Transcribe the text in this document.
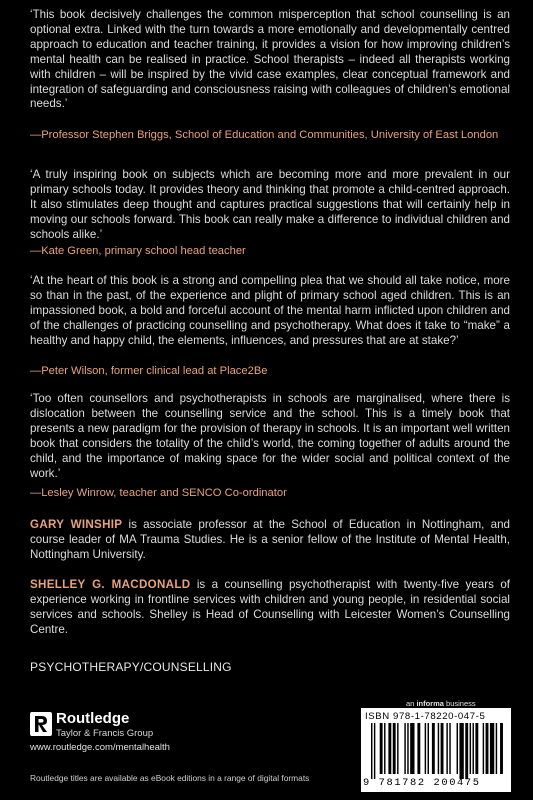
‘This book decisively challenges the common misperception that school counselling is an optional extra. Linked with the turn towards a more emotionally and developmentally centred approach to education and teacher training, it provides a vision for how improving children’s mental health can be realised in practice. School therapists – indeed all therapists working with children – will be inspired by the vivid case examples, clear conceptual framework and integration of safeguarding and consciousness raising with colleagues of children’s emotional needs.’

—Professor Stephen Briggs, School of Education and Communities, University of East London

‘A truly inspiring book on subjects which are becoming more and more prevalent in our primary schools today. It provides theory and thinking that promote a child-centred approach. It also stimulates deep thought and captures practical suggestions that will certainly help in moving our schools forward. This book can really make a difference to individual children and schools alike.’

—Kate Green, primary school head teacher

‘At the heart of this book is a strong and compelling plea that we should all take notice, more so than in the past, of the experience and plight of primary school aged children. This is an impassioned book, a bold and forceful account of the mental harm inflicted upon children and of the challenges of practicing counselling and psychotherapy. What does it take to “make” a healthy and happy child, the elements, influences, and pressures that are at stake?’

—Peter Wilson, former clinical lead at Place2Be

‘Too often counsellors and psychotherapists in schools are marginalised, where there is dislocation between the counselling service and the school. This is a timely book that presents a new paradigm for the provision of therapy in schools. It is an important well written book that considers the totality of the child’s world, the coming together of adults around the child, and the importance of making space for the wider social and political context of the work.’

—Lesley Winrow, teacher and SENCO Co-ordinator

GARY WINSHIP is associate professor at the School of Education in Nottingham, and course leader of MA Trauma Studies. He is a senior fellow of the Institute of Mental Health, Nottingham University.

SHELLEY G. MACDONALD is a counselling psychotherapist with twenty-five years of experience working in frontline services with children and young people, in residential social services and schools. Shelley is Head of Counselling with Leicester Women’s Counselling Centre.

PSYCHOTHERAPY/COUNSELLING
Routledge
Taylor & Francis Group
www.routledge.com/mentalhealth
Routledge titles are available as eBook editions in a range of digital formats
an informa business
ISBN 978-1-78220-047-5
9 781782 200475
